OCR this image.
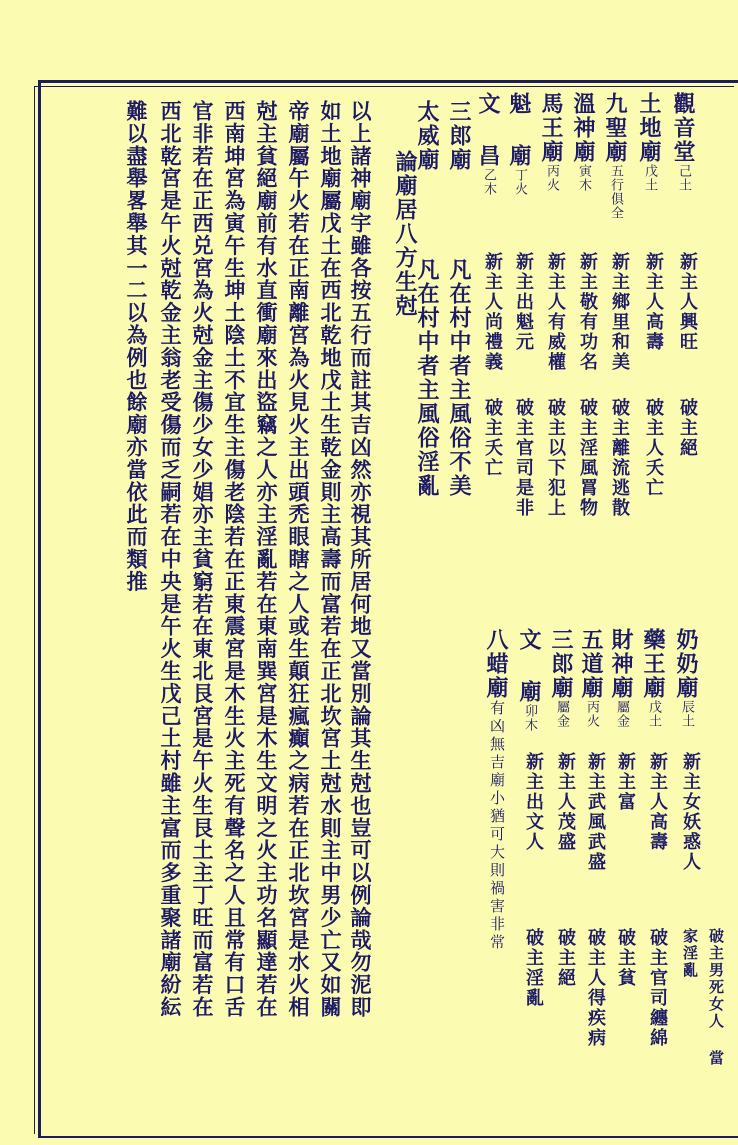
觀音堂己土
新主人興旺
破主絕
土地廟戊土
新主人高壽
破主人夭亡
九聖廟五行俱全
新主鄉里和美
破主離流逃散
溫神廟寅木
新主敬有功名
破主淫風罥物
馬王廟丙火
新主人有威權
破主以下犯上
魁 廟丁火
新主出魁元
破主官司是非
文 昌乙木
新主人尚禮義
破主夭亡
三郎廟
凡在村中者主風俗不美
太威廟
凡在村中者主風俗淫亂
論廟居八方生尅
以上諸神廟宇雖各按五行而註其吉凶然亦視其所居何地又當別論其生尅也豈可以例論哉勿泥即
如土地廟屬戊土在西北乾地戊土生乾金則主高壽而富若在正北坎宮土尅水則主中男少亡又如關
帝廟屬午火若在正南離宮為火見火主出頭禿眼瞎之人或生顛狂瘋癲之病若在正北坎宮是水火相
尅主貧絕廟前有水直衝廟來出盜竊之人亦主淫亂若在東南巽宮是木生文明之火主功名顯達若在
西南坤宮為寅午生坤土陰土不宜生主傷老陰若在正東震宮是木生火主死有聲名之人且常有口舌
官非若在正西兑宮為火尅金主傷少女少娼亦主貧窮若在東北艮宮是午火生艮土主丁旺而富若在
西北乾宮是午火尅乾金主翁老受傷而乏嗣若在中央是午火生戊己土村雖主富而多重聚諸廟紛紜
難以盡舉畧舉其一二以為例也餘廟亦當依此而類推
奶奶廟辰土
新主女妖惑人
破主男死女人 當家淫亂
藥王廟戊土
新主人高壽
破主官司纏綿
財神廟屬金
新主富
破主貧
五道廟丙火
新主武風武盛
破主人得疾病
三郎廟屬金
新主人茂盛
破主絕
文 廟卯木
新主出文人
破主淫亂
八蜡廟
有凶無吉廟小猶可大則禍害非常
